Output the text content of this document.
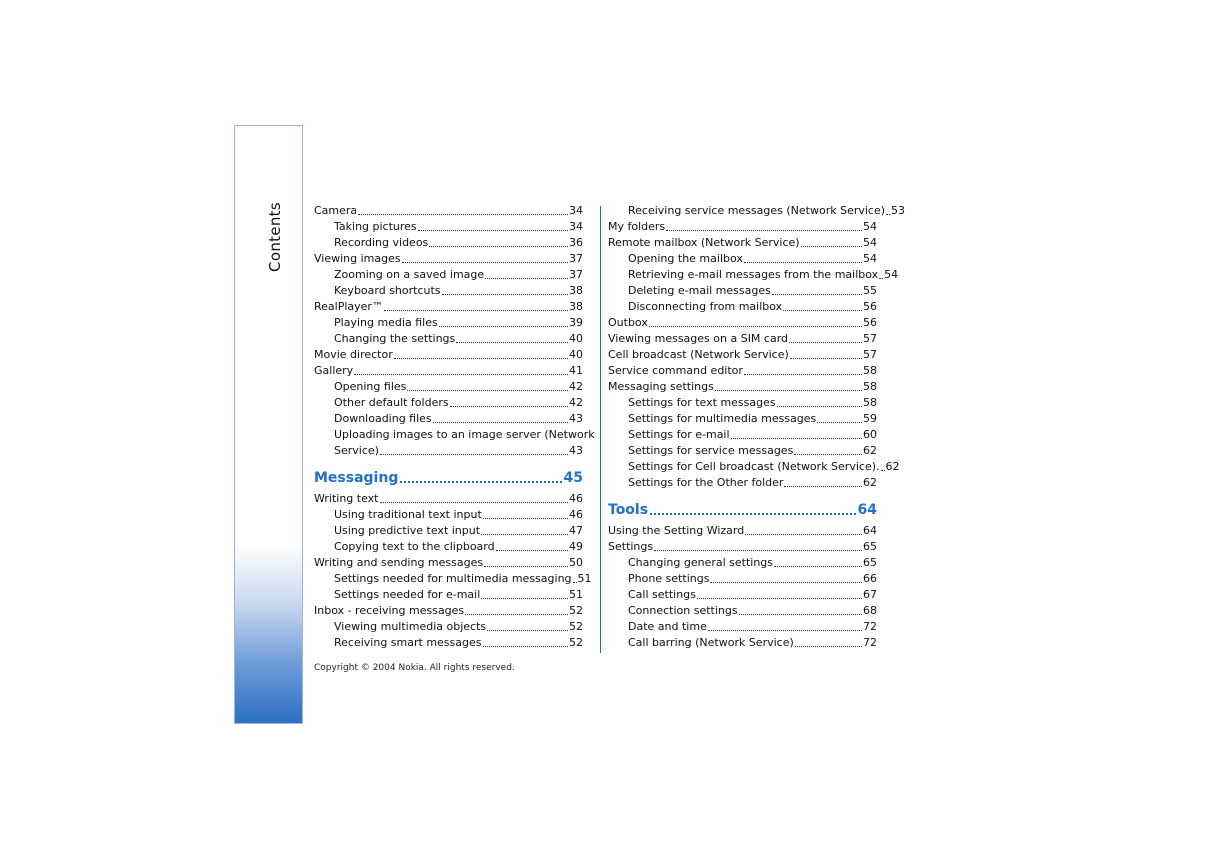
Contents	Camera	34
Taking pictures	34
Recording videos	36
Viewing images	37
Zooming on a saved image	37
Keyboard shortcuts	38
RealPlayer™	38
Playing media files	39
Changing the settings	40
Movie director	40
Gallery	41
Opening files	42
Other default folders	42
Downloading files	43
Uploading images to an image server (Network
Service)	43
Messaging	45
Writing text	46
Using traditional text input	46
Using predictive text input	47
Copying text to the clipboard	49
Writing and sending messages	50
Settings needed for multimedia messaging 51
Settings needed for e-mail	51
Inbox - receiving messages	52
Viewing multimedia objects	52
Receiving smart messages	52
Receiving service messages (Network Service) 53
My folders	54
Remote mailbox (Network Service)	54
Opening the mailbox	54
Retrieving e-mail messages from the mailbox 54
Deleting e-mail messages	55
Disconnecting from mailbox	56
Outbox	56
Viewing messages on a SIM card	57
Cell broadcast (Network Service)	57
Service command editor	58
Messaging settings	58
Settings for text messages	58
Settings for multimedia messages	59
Settings for e-mail	60
Settings for service messages	62
Settings for Cell broadcast (Network Service). 62
Settings for the Other folder	62
Tools	64
Using the Setting Wizard	64
Settings	65
Changing general settings	65
Phone settings	66
Call settings	67
Connection settings	68
Date and time	72
Call barring (Network Service)	72
Copyright © 2004 Nokia. All rights reserved.
